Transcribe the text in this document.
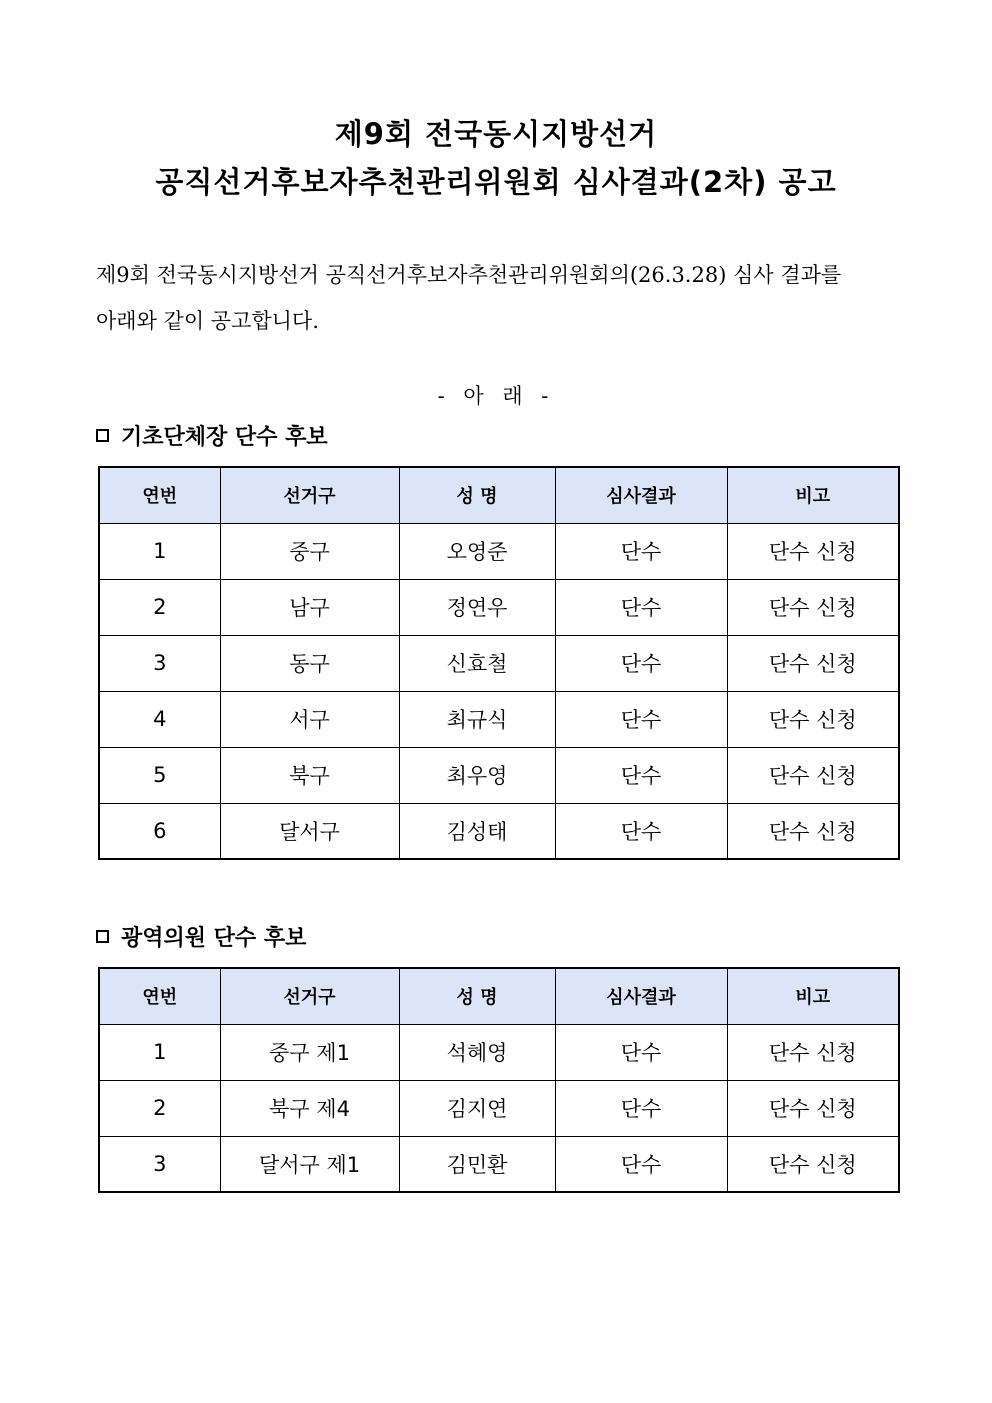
제9회 전국동시지방선거
공직선거후보자추천관리위원회 심사결과(2차) 공고

제9회 전국동시지방선거 공직선거후보자추천관리위원회의(26.3.28) 심사 결과를

아래와 같이 공고합니다.

- 아 래 -
기초단체장 단수 후보
연번	선거구	성 명	심사결과	비고
1	중구	오영준	단수	단수 신청
2	남구	정연우	단수	단수 신청
3	동구	신효철	단수	단수 신청
4	서구	최규식	단수	단수 신청
5	북구	최우영	단수	단수 신청
6	달서구	김성태	단수	단수 신청
광역의원 단수 후보
연번	선거구	성 명	심사결과	비고
1	중구 제1	석혜영	단수	단수 신청
2	북구 제4	김지연	단수	단수 신청
3	달서구 제1	김민환	단수	단수 신청
